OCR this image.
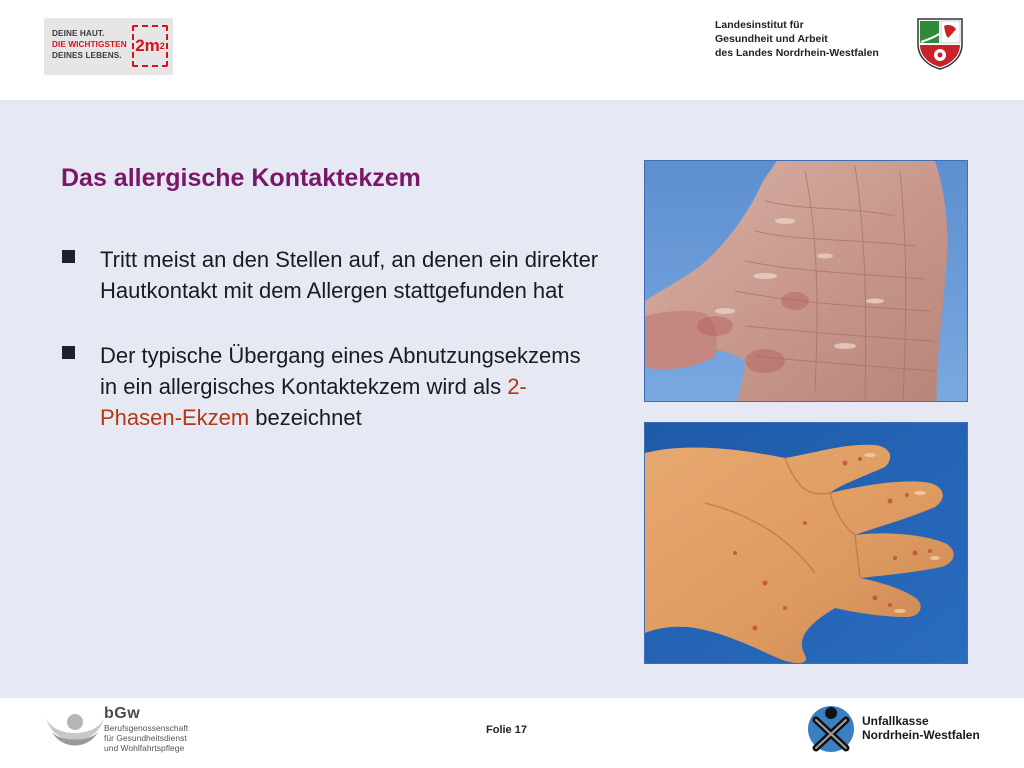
DEINE HAUT.
DIE WICHTIGSTEN
DEINES LEBENS.
2m 2
Landesinstitut für
Gesundheit und Arbeit
des Landes Nordrhein-Westfalen
Das allergische Kontaktekzem
Tritt meist an den Stellen auf, an denen ein direkter Hautkontakt mit dem Allergen stattgefunden hat
Der typische Übergang eines Abnutzungsekzems in ein allergisches Kontaktekzem wird als 2-Phasen-Ekzem bezeichnet
bGw
Berufsgenossenschaft
für Gesundheitsdienst
und Wohlfahrtspflege
Folie 17
Unfallkasse
Nordrhein-Westfalen
